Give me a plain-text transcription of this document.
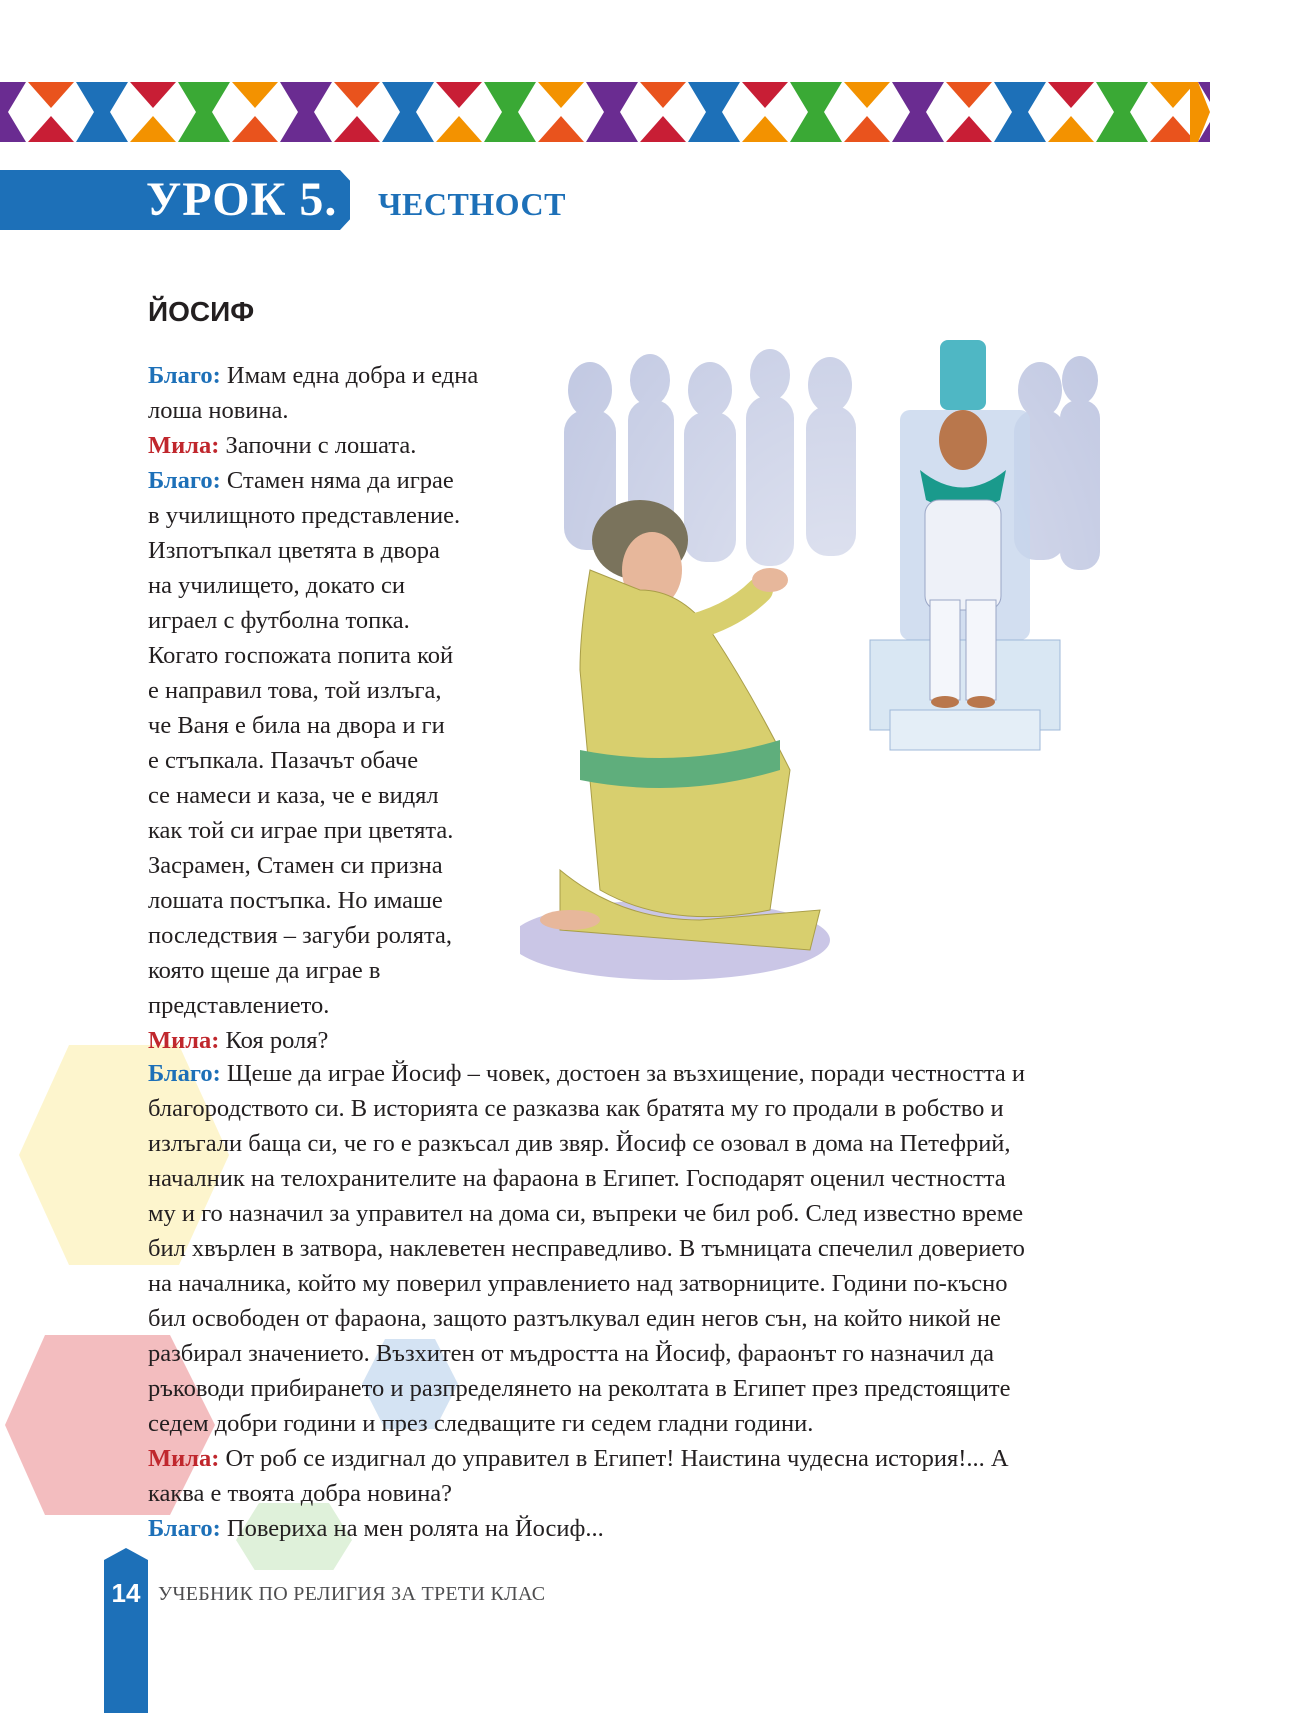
УРОК 5. ЧЕСТНОСТ
ЙОСИФ
Благо: Имам една добра и една
лоша новина.
Мила: Започни с лошата.
Благо: Стамен няма да играе
в училищното представление.
Изпотъпкал цветята в двора
на училището, докато си
играел с футболна топка.
Когато госпожата попита кой
е направил това, той излъга,
че Ваня е била на двора и ги
е стъпкала. Пазачът обаче
се намеси и каза, че е видял
как той си играе при цветята.
Засрамен, Стамен си призна
лошата постъпка. Но имаше
последствия – загуби ролята,
която щеше да играе в
представлението.
Мила: Коя роля?
Благо: Щеше да играе Йосиф – човек, достоен за възхищение, поради честността и
благородството си. В историята се разказва как братята му го продали в робство и
излъгали баща си, че го е разкъсал див звяр. Йосиф се озовал в дома на Петефрий,
началник на телохранителите на фараона в Египет. Господарят оценил честността
му и го назначил за управител на дома си, въпреки че бил роб. След известно време
бил хвърлен в затвора, наклеветен несправедливо. В тъмницата спечелил доверието
на началника, който му поверил управлението над затворниците. Години по-късно
бил освободен от фараона, защото разтълкувал един негов сън, на който никой не
разбирал значението. Възхитен от мъдростта на Йосиф, фараонът го назначил да
ръководи прибирането и разпределянето на реколтата в Египет през предстоящите
седем добри години и през следващите ги седем гладни години.
Мила: От роб се издигнал до управител в Египет! Наистина чудесна история!... А
каква е твоята добра новина?
Благо: Повериха на мен ролята на Йосиф...
14 УЧЕБНИК ПО РЕЛИГИЯ ЗА ТРЕТИ КЛАС
